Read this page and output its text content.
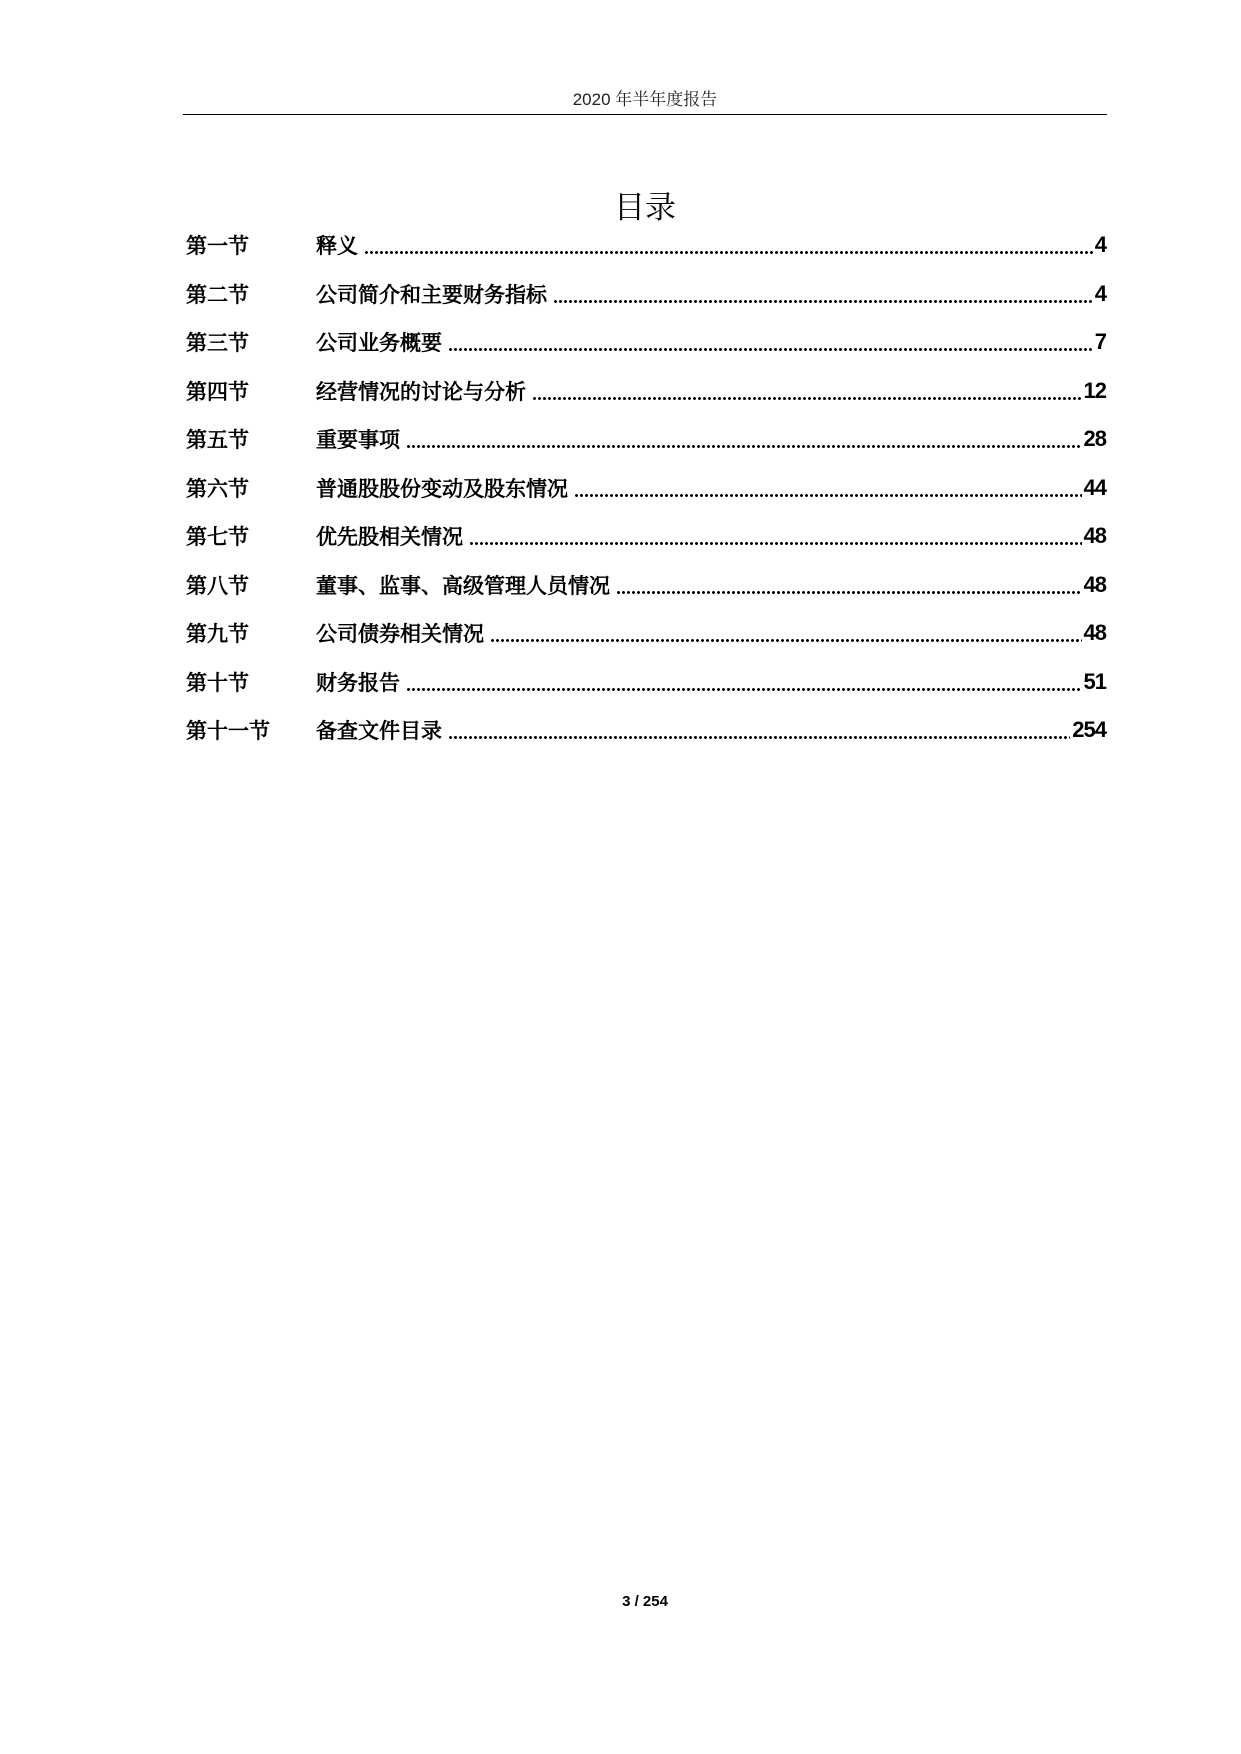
2020 年半年度报告
目录
第一节	释义	4
第二节	公司简介和主要财务指标	4
第三节	公司业务概要	7
第四节	经营情况的讨论与分析	12
第五节	重要事项	28
第六节	普通股股份变动及股东情况	44
第七节	优先股相关情况	48
第八节	董事、监事、高级管理人员情况	48
第九节	公司债券相关情况	48
第十节	财务报告	51
第十一节	备查文件目录	254
3 / 254
